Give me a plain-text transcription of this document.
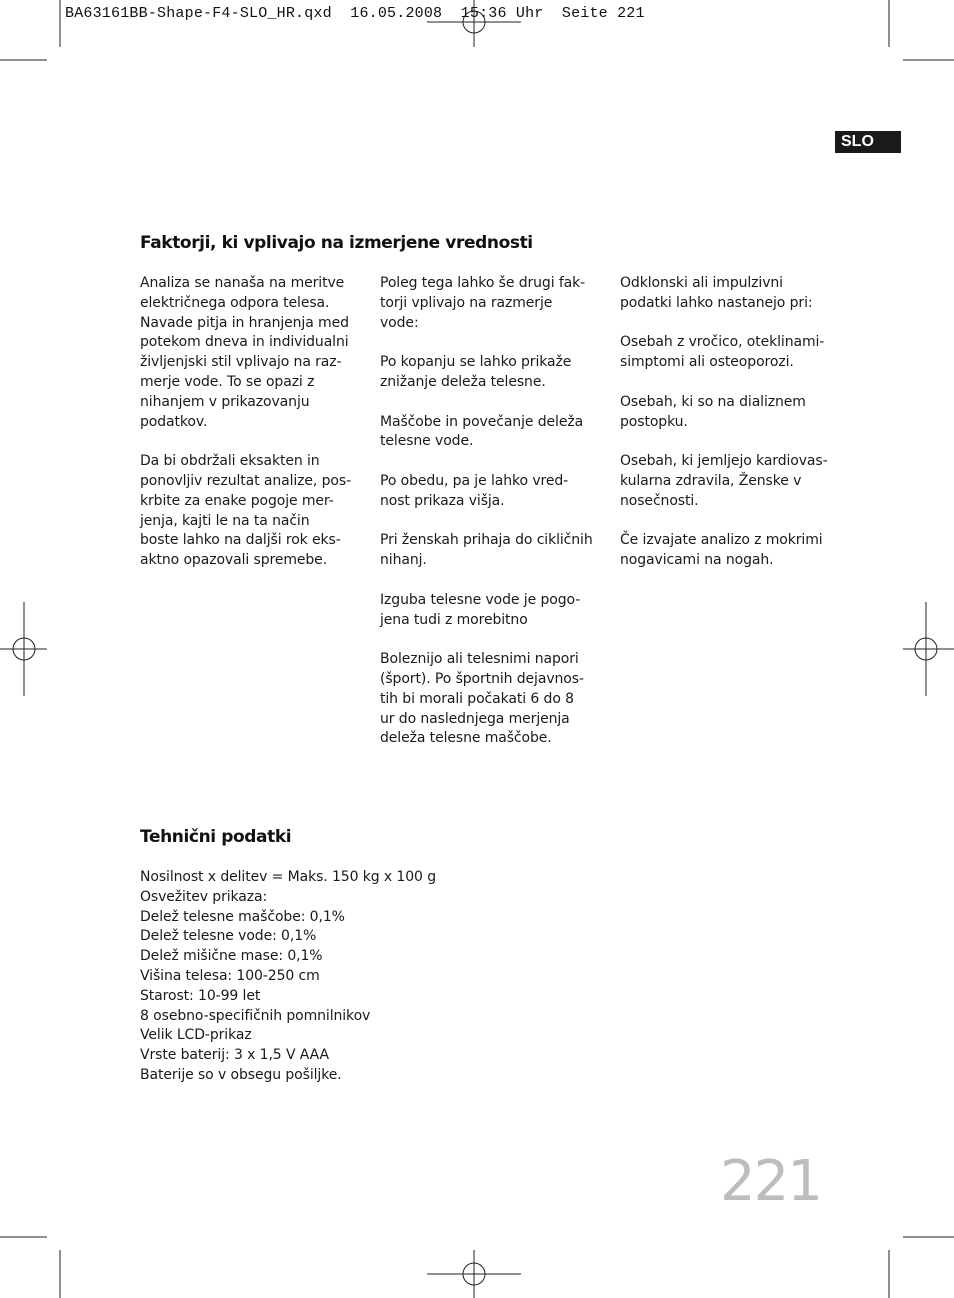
BA63161BB-Shape-F4-SLO_HR.qxd  16.05.2008  15:36 Uhr  Seite 221
SLO
Faktorji, ki vplivajo na izmerjene vrednosti

Analiza se nanaša na meritve
električnega odpora telesa.
Navade pitja in hranjenja med
potekom dneva in individualni
življenjski stil vplivajo na raz-
merje vode. To se opazi z
nihanjem v prikazovanju
podatkov.

Da bi obdržali eksakten in
ponovljiv rezultat analize, pos-
krbite za enake pogoje mer-
jenja, kajti le na ta način
boste lahko na daljši rok eks-
aktno opazovali spremebe.

Poleg tega lahko še drugi fak-
torji vplivajo na razmerje
vode:

Po kopanju se lahko prikaže
znižanje deleža telesne.

Maščobe in povečanje deleža
telesne vode.

Po obedu, pa je lahko vred-
nost prikaza višja.

Pri ženskah prihaja do cikličnih
nihanj.

Izguba telesne vode je pogo-
jena tudi z morebitno

Boleznijo ali telesnimi napori
(šport). Po športnih dejavnos-
tih bi morali počakati 6 do 8
ur do naslednjega merjenja
deleža telesne maščobe.

Odklonski ali impulzivni
podatki lahko nastanejo pri:

Osebah z vročico, oteklinami-
simptomi ali osteoporozi.

Osebah, ki so na dializnem
postopku.

Osebah, ki jemljejo kardiovas-
kularna zdravila, Ženske v
nosečnosti.

Če izvajate analizo z mokrimi
nogavicami na nogah.

Tehnični podatki
Nosilnost x delitev = Maks. 150 kg x 100 g
Osvežitev prikaza:
Delež telesne maščobe: 0,1%
Delež telesne vode: 0,1%
Delež mišične mase: 0,1%
Višina telesa: 100-250 cm
Starost: 10-99 let
8 osebno-specifičnih pomnilnikov
Velik LCD-prikaz
Vrste baterij: 3 x 1,5 V AAA
Baterije so v obsegu pošiljke.
221
